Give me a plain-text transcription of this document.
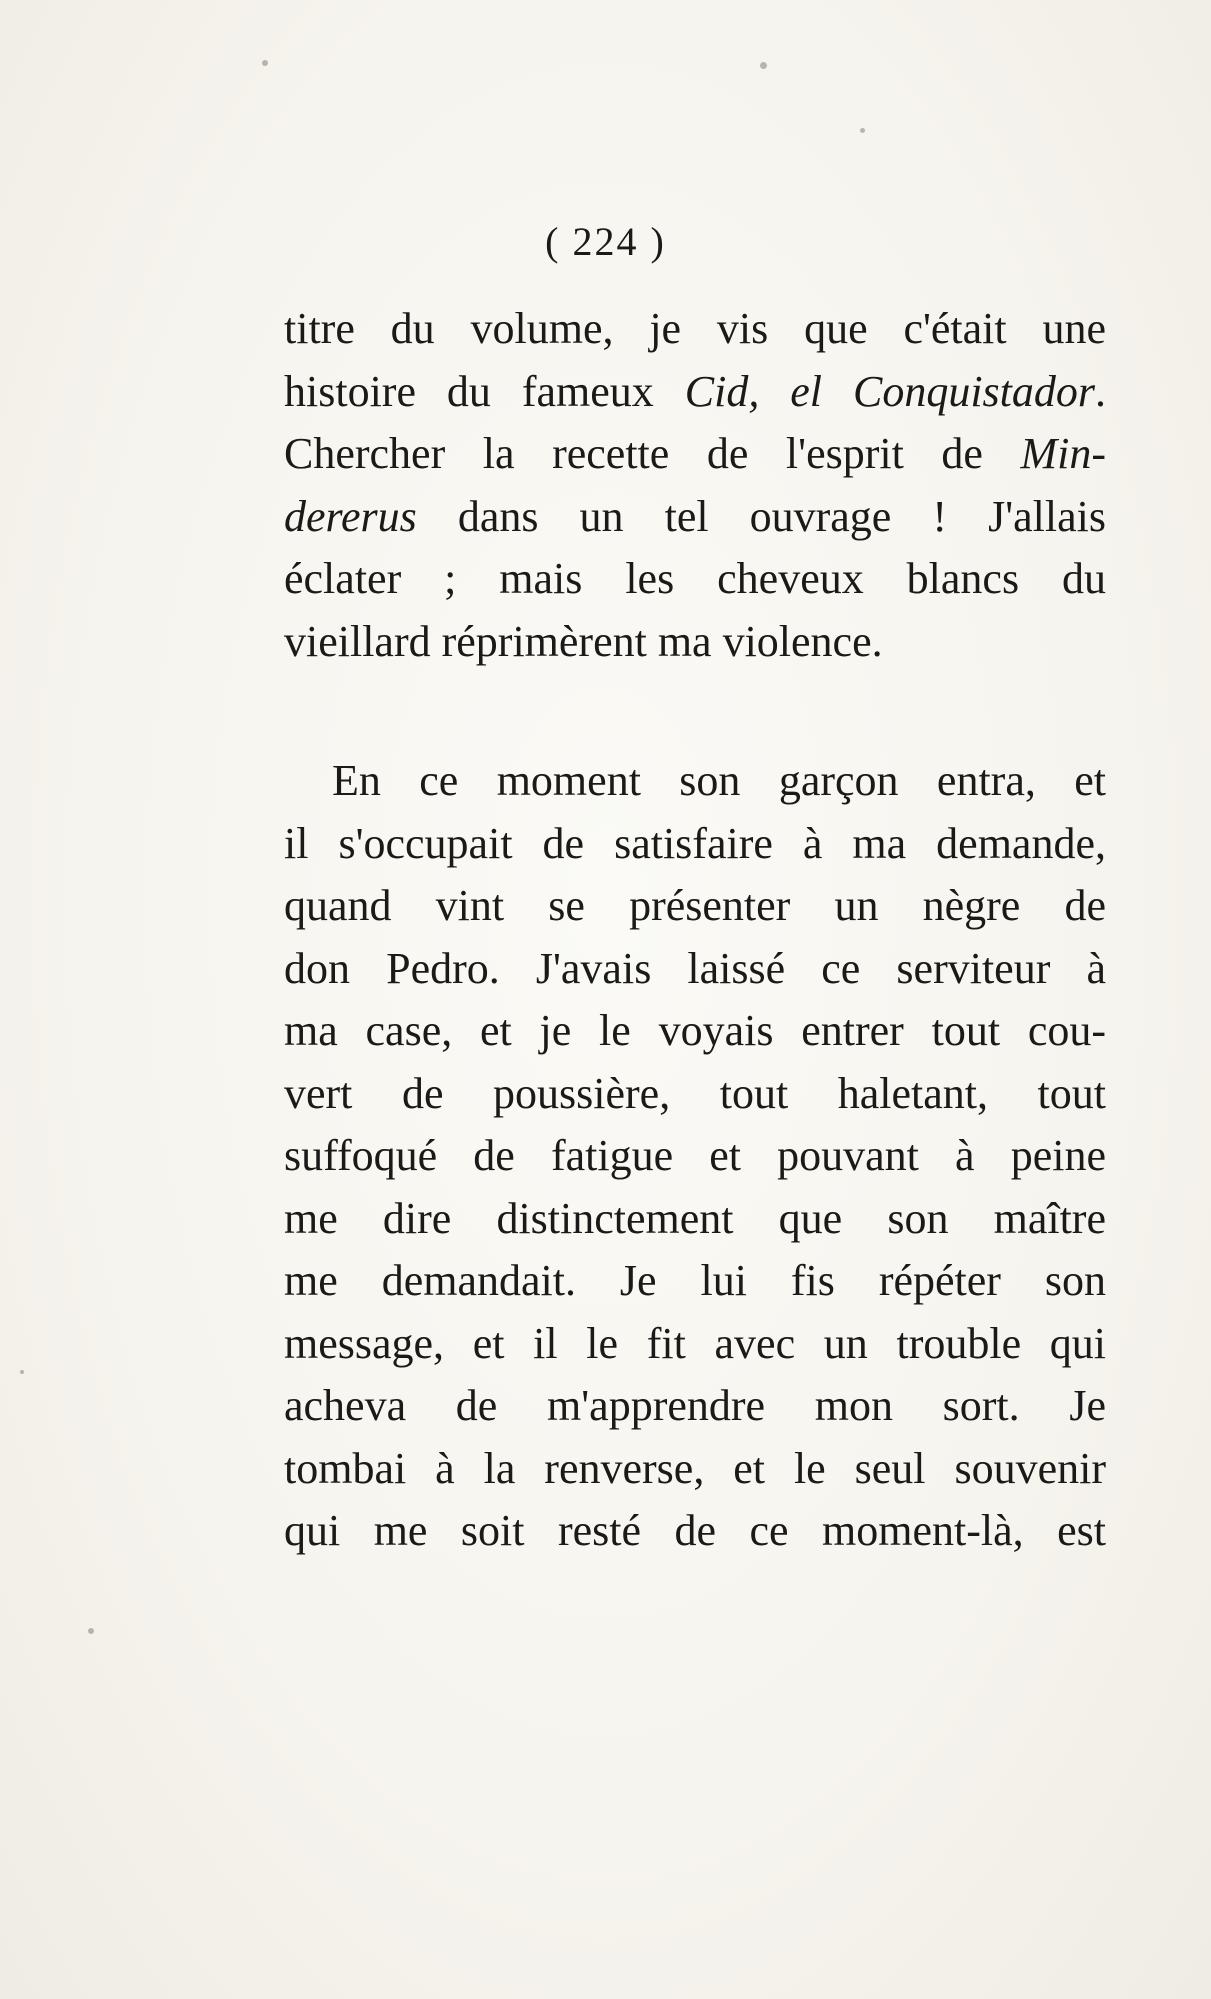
( 224 )
titre du volume, je vis que c'était une
histoire du fameux Cid, el Conquistador.
Chercher la recette de l'esprit de Min-
dererus dans un tel ouvrage ! J'allais
éclater ; mais les cheveux blancs du
vieillard réprimèrent ma violence.
En ce moment son garçon entra, et
il s'occupait de satisfaire à ma demande,
quand vint se présenter un nègre de
don Pedro. J'avais laissé ce serviteur à
ma case, et je le voyais entrer tout cou-
vert de poussière, tout haletant, tout
suffoqué de fatigue et pouvant à peine
me dire distinctement que son maître
me demandait. Je lui fis répéter son
message, et il le fit avec un trouble qui
acheva de m'apprendre mon sort. Je
tombai à la renverse, et le seul souvenir
qui me soit resté de ce moment-là, est
